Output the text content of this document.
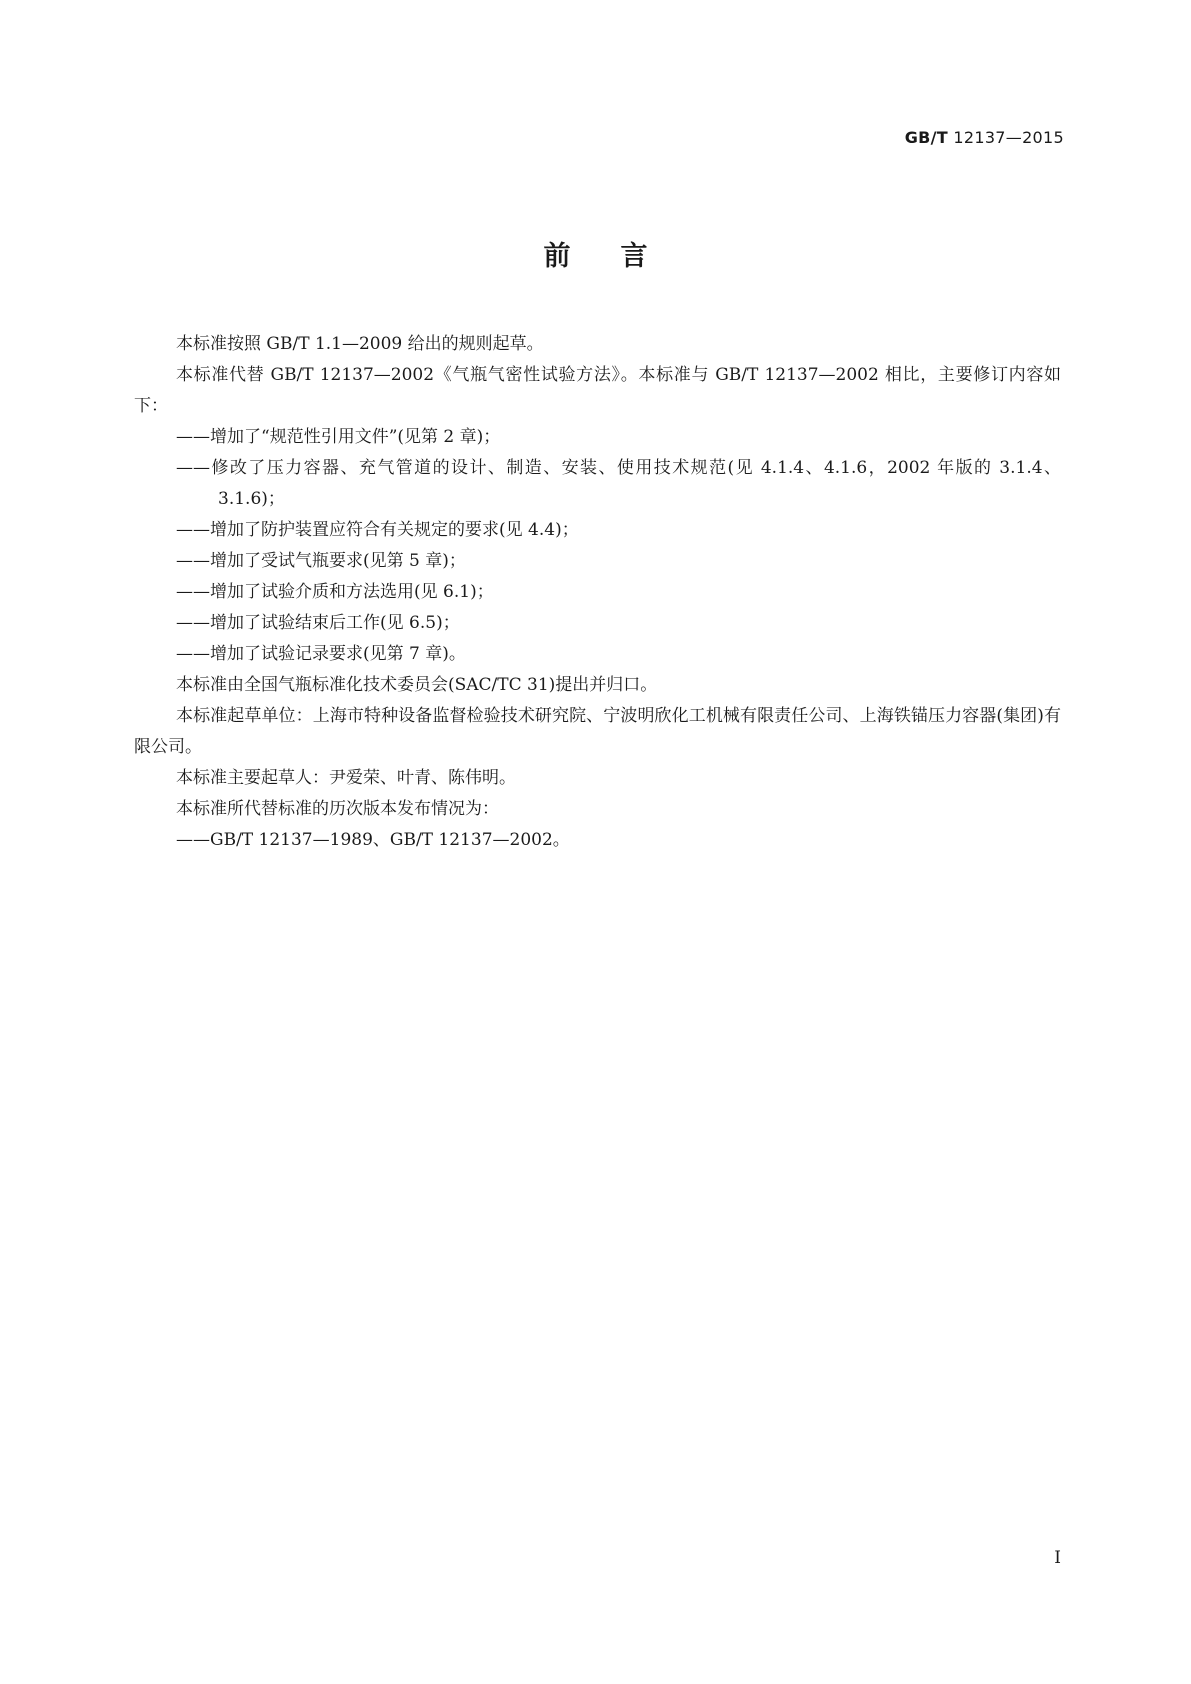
GB/T 12137—2015
前言

本标准按照 GB/T 1.1—2009 给出的规则起草。

本标准代替 GB/T 12137—2002《气瓶气密性试验方法》。本标准与 GB/T 12137—2002 相比，主要修订内容如下：

——增加了“规范性引用文件”(见第 2 章)；

——修改了压力容器、充气管道的设计、制造、安装、使用技术规范(见 4.1.4、4.1.6，2002 年版的 3.1.4、3.1.6)；

——增加了防护装置应符合有关规定的要求(见 4.4)；

——增加了受试气瓶要求(见第 5 章)；

——增加了试验介质和方法选用(见 6.1)；

——增加了试验结束后工作(见 6.5)；

——增加了试验记录要求(见第 7 章)。

本标准由全国气瓶标准化技术委员会(SAC/TC 31)提出并归口。

本标准起草单位：上海市特种设备监督检验技术研究院、宁波明欣化工机械有限责任公司、上海铁锚压力容器(集团)有限公司。

本标准主要起草人：尹爱荣、叶青、陈伟明。

本标准所代替标准的历次版本发布情况为：

——GB/T 12137—1989、GB/T 12137—2002。

I
